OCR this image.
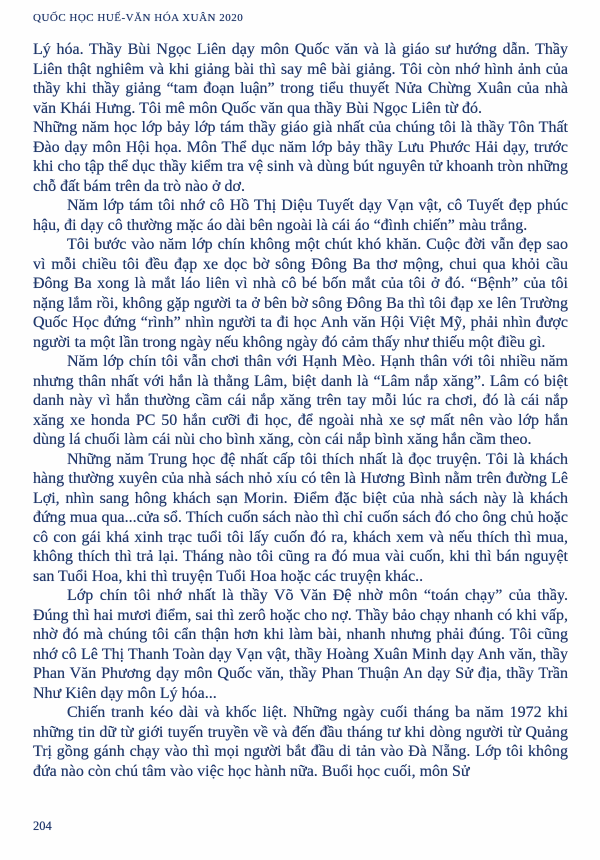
QUỐC HỌC HUẾ-VĂN HÓA XUÂN 2020

Lý hóa. Thầy Bùi Ngọc Liên dạy môn Quốc văn và là giáo sư hướng dẫn. Thầy Liên thật nghiêm và khi giảng bài thì say mê bài giảng. Tôi còn nhớ hình ảnh của thầy khi thầy giảng “tam đoạn luận” trong tiểu thuyết Nửa Chừng Xuân của nhà văn Khái Hưng. Tôi mê môn Quốc văn qua thầy Bùi Ngọc Liên từ đó.

Những năm học lớp bảy lớp tám thầy giáo già nhất của chúng tôi là thầy Tôn Thất Đào dạy môn Hội họa. Môn Thể dục năm lớp bảy thầy Lưu Phước Hải dạy, trước khi cho tập thể dục thầy kiểm tra vệ sinh và dùng bút nguyên tử khoanh tròn những chỗ đất bám trên da trò nào ở dơ.

Năm lớp tám tôi nhớ cô Hồ Thị Diệu Tuyết dạy Vạn vật, cô Tuyết đẹp phúc hậu, đi dạy cô thường mặc áo dài bên ngoài là cái áo “đình chiến” màu trắng.

Tôi bước vào năm lớp chín không một chút khó khăn. Cuộc đời vẫn đẹp sao vì mỗi chiều tôi đều đạp xe dọc bờ sông Đông Ba thơ mộng, chui qua khỏi cầu Đông Ba xong là mắt láo liên vì nhà cô bé bốn mắt của tôi ở đó. “Bệnh” của tôi nặng lắm rồi, không gặp người ta ở bên bờ sông Đông Ba thì tôi đạp xe lên Trường Quốc Học đứng “rình” nhìn người ta đi học Anh văn Hội Việt Mỹ, phải nhìn được người ta một lần trong ngày nếu không ngày đó cảm thấy như thiếu một điều gì.

Năm lớp chín tôi vẫn chơi thân với Hạnh Mèo. Hạnh thân với tôi nhiều năm nhưng thân nhất với hắn là thằng Lâm, biệt danh là “Lâm nắp xăng”. Lâm có biệt danh này vì hắn thường cầm cái nắp xăng trên tay mỗi lúc ra chơi, đó là cái nắp xăng xe honda PC 50 hắn cưỡi đi học, để ngoài nhà xe sợ mất nên vào lớp hắn dùng lá chuối làm cái nùi cho bình xăng, còn cái nắp bình xăng hắn cầm theo.

Những năm Trung học đệ nhất cấp tôi thích nhất là đọc truyện. Tôi là khách hàng thường xuyên của nhà sách nhỏ xíu có tên là Hương Bình nằm trên đường Lê Lợi, nhìn sang hông khách sạn Morin. Điểm đặc biệt của nhà sách này là khách đứng mua qua...cửa sổ. Thích cuốn sách nào thì chỉ cuốn sách đó cho ông chủ hoặc cô con gái khá xinh trạc tuổi tôi lấy cuốn đó ra, khách xem và nếu thích thì mua, không thích thì trả lại. Tháng nào tôi cũng ra đó mua vài cuốn, khi thì bán nguyệt san Tuổi Hoa, khi thì truyện Tuổi Hoa hoặc các truyện khác..

Lớp chín tôi nhớ nhất là thầy Võ Văn Đệ nhờ môn “toán chạy” của thầy. Đúng thì hai mươi điểm, sai thì zerô hoặc cho nợ. Thầy bảo chạy nhanh có khi vấp, nhờ đó mà chúng tôi cẩn thận hơn khi làm bài, nhanh nhưng phải đúng. Tôi cũng nhớ cô Lê Thị Thanh Toàn dạy Vạn vật, thầy Hoàng Xuân Minh dạy Anh văn, thầy Phan Văn Phương dạy môn Quốc văn, thầy Phan Thuận An dạy Sử địa, thầy Trần Như Kiên dạy môn Lý hóa...

Chiến tranh kéo dài và khốc liệt. Những ngày cuối tháng ba năm 1972 khi những tin dữ từ giới tuyến truyền về và đến đầu tháng tư khi dòng người từ Quảng Trị gồng gánh chạy vào thì mọi người bắt đầu di tản vào Đà Nẵng. Lớp tôi không đứa nào còn chú tâm vào việc học hành nữa. Buổi học cuối, môn Sử

204
